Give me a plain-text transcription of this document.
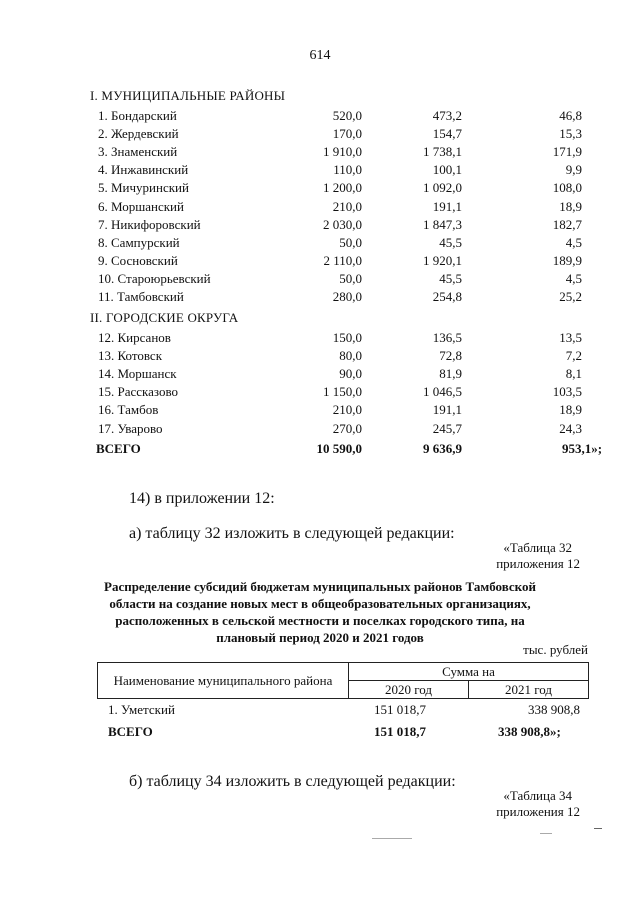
614
I. МУНИЦИПАЛЬНЫЕ РАЙОНЫ
1. Бондарский	520,0	473,2	46,8
2. Жердевский	170,0	154,7	15,3
3. Знаменский	1 910,0	1 738,1	171,9
4. Инжавинский	110,0	100,1	9,9
5. Мичуринский	1 200,0	1 092,0	108,0
6. Моршанский	210,0	191,1	18,9
7. Никифоровский	2 030,0	1 847,3	182,7
8. Сампурский	50,0	45,5	4,5
9. Сосновский	2 110,0	1 920,1	189,9
10. Староюрьевский	50,0	45,5	4,5
11. Тамбовский	280,0	254,8	25,2
II. ГОРОДСКИЕ ОКРУГА
12. Кирсанов	150,0	136,5	13,5
13. Котовск	80,0	72,8	7,2
14. Моршанск	90,0	81,9	8,1
15. Рассказово	1 150,0	1 046,5	103,5
16. Тамбов	210,0	191,1	18,9
17. Уварово	270,0	245,7	24,3
ВСЕГО	10 590,0	9 636,9	953,1»;
14) в приложении 12:
а) таблицу 32 изложить в следующей редакции:
«Таблица 32
приложения 12
Распределение субсидий бюджетам муниципальных районов Тамбовской области на создание новых мест в общеобразовательных организациях, расположенных в сельской местности и поселках городского типа, на плановый период 2020 и 2021 годов
тыс. рублей
Наименование муниципального района	Сумма на	
	2020 год	2021 год
1. Уметский	151 018,7	338 908,8
ВСЕГО	151 018,7	338 908,8»;
б) таблицу 34 изложить в следующей редакции:
«Таблица 34
приложения 12
